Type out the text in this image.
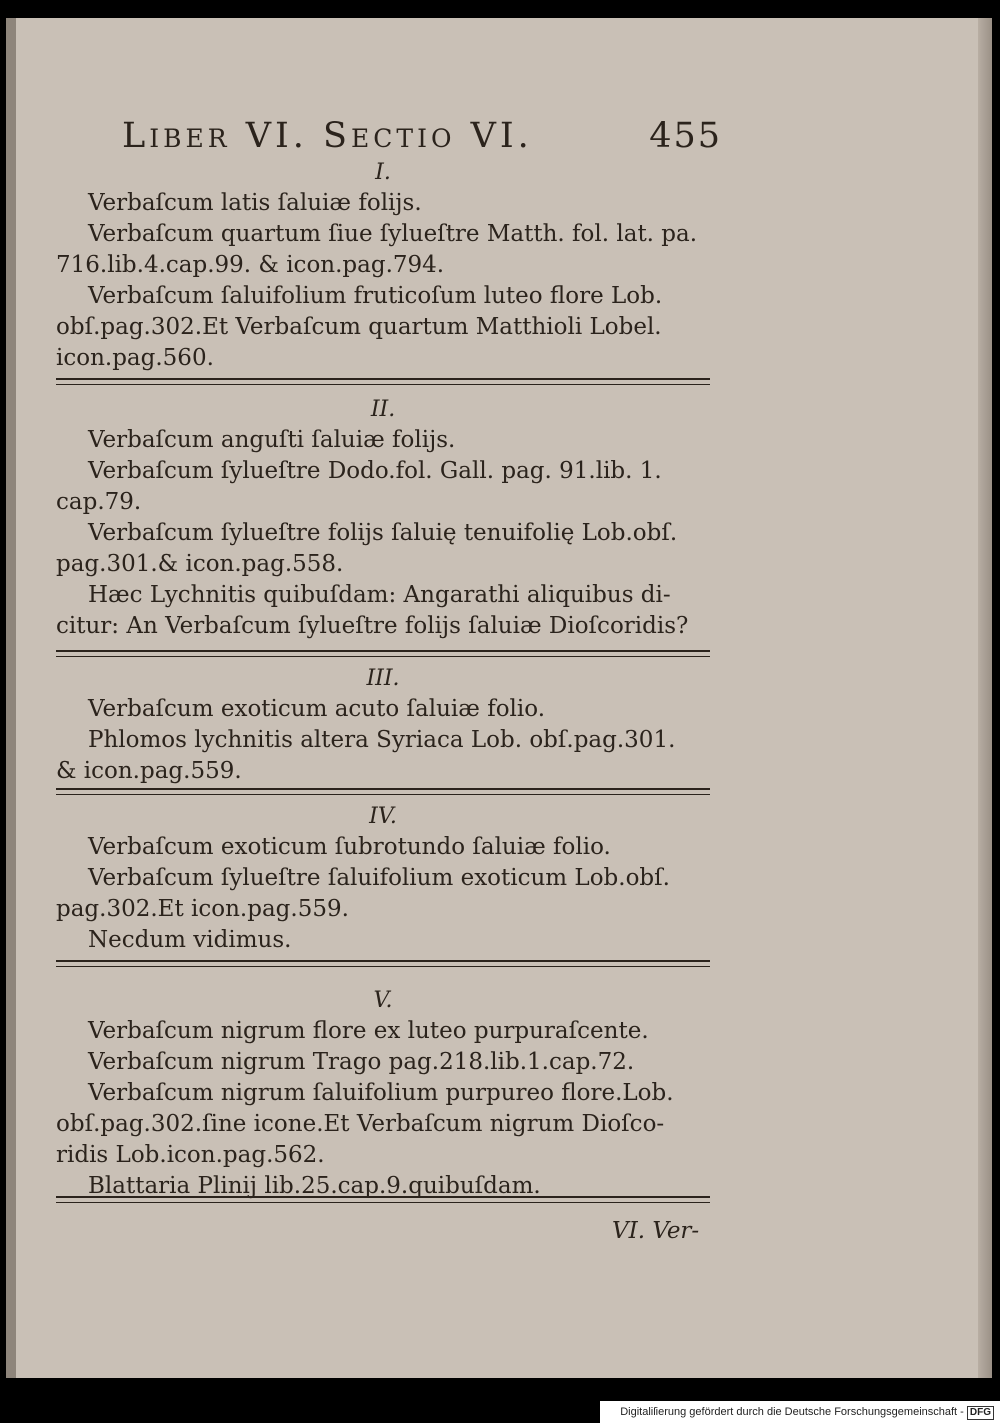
Liber VI. Sectio VI.	455
I.
Verbaſcum latis ſaluiæ folijs.
Verbaſcum quartum ſiue ſylueſtre Matth. fol. lat. pa.
716.lib.4.cap.99. & icon.pag.794.
Verbaſcum ſaluifolium fruticoſum luteo flore Lob.
obſ.pag.302.Et Verbaſcum quartum Matthioli Lobel.
icon.pag.560.
II.
Verbaſcum anguſti ſaluiæ folijs.
Verbaſcum ſylueſtre Dodo.fol. Gall. pag. 91.lib. 1.
cap.79.
Verbaſcum ſylueſtre folijs ſaluię tenuifolię Lob.obſ.
pag.301.& icon.pag.558.
Hæc Lychnitis quibuſdam: Angarathi aliquibus di-
citur: An Verbaſcum ſylueſtre folijs ſaluiæ Dioſcoridis?
III.
Verbaſcum exoticum acuto ſaluiæ folio.
Phlomos lychnitis altera Syriaca Lob. obſ.pag.301.
& icon.pag.559.
IV.
Verbaſcum exoticum ſubrotundo ſaluiæ folio.
Verbaſcum ſylueſtre ſaluifolium exoticum Lob.obſ.
pag.302.Et icon.pag.559.
Necdum vidimus.
V.
Verbaſcum nigrum flore ex luteo purpuraſcente.
Verbaſcum nigrum Trago pag.218.lib.1.cap.72.
Verbaſcum nigrum ſaluifolium purpureo flore.Lob.
obſ.pag.302.ſine icone.Et Verbaſcum nigrum Dioſco-
ridis Lob.icon.pag.562.
Blattaria Plinij lib.25.cap.9.quibuſdam.
VI. Ver-
Digitaliſierung gefördert durch die Deutsche Forschungsgemeinschaft - DFG
